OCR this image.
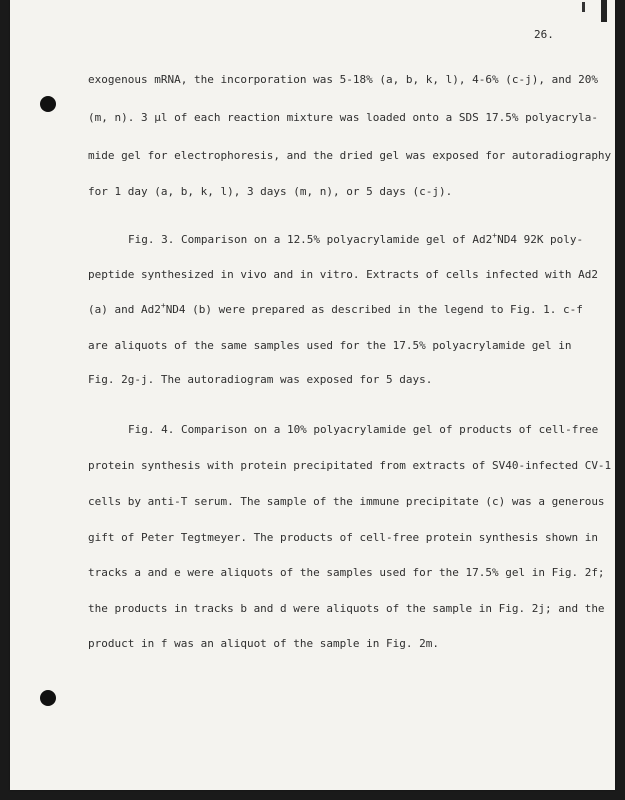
26.
exogenous mRNA, the incorporation was 5-18% (a, b, k, l), 4-6% (c-j), and 20%
(m, n). 3 µl of each reaction mixture was loaded onto a SDS 17.5% polyacryla-
mide gel for electrophoresis, and the dried gel was exposed for autoradiography
for 1 day (a, b, k, l), 3 days (m, n), or 5 days (c-j).
Fig. 3. Comparison on a 12.5% polyacrylamide gel of Ad2+ND4 92K poly-
peptide synthesized in vivo and in vitro. Extracts of cells infected with Ad2
(a) and Ad2+ND4 (b) were prepared as described in the legend to Fig. 1. c-f
are aliquots of the same samples used for the 17.5% polyacrylamide gel in
Fig. 2g-j. The autoradiogram was exposed for 5 days.
Fig. 4. Comparison on a 10% polyacrylamide gel of products of cell-free
protein synthesis with protein precipitated from extracts of SV40-infected CV-1
cells by anti-T serum. The sample of the immune precipitate (c) was a generous
gift of Peter Tegtmeyer. The products of cell-free protein synthesis shown in
tracks a and e were aliquots of the samples used for the 17.5% gel in Fig. 2f;
the products in tracks b and d were aliquots of the sample in Fig. 2j; and the
product in f was an aliquot of the sample in Fig. 2m.
